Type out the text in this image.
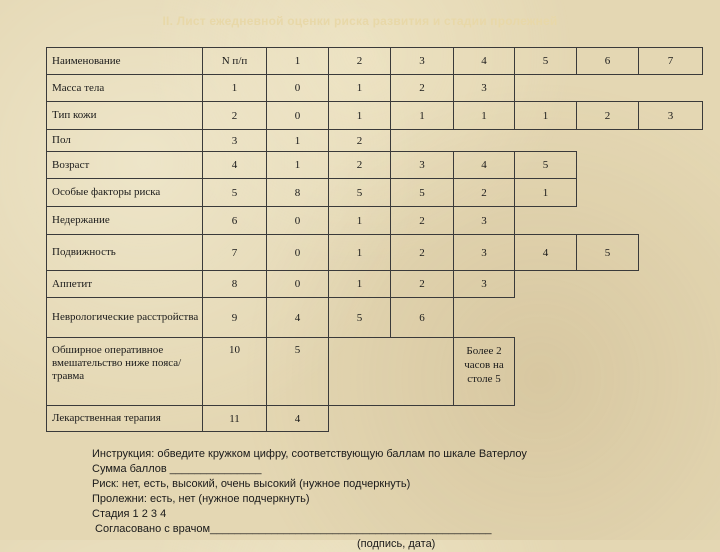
II. Лист ежедневной оценки риска развития и стадии пролежней
Наименование	N п/п	1	2	3	4	5	6	7
Масса тела	1	0	1	2	3			
Тип кожи	2	0	1	1	1	1	2	3
Пол	3	1	2					
Возраст	4	1	2	3	4	5		
Особые факторы риска	5	8	5	5	2	1		
Недержание	6	0	1	2	3			
Подвижность	7	0	1	2	3	4	5	
Аппетит	8	0	1	2	3			
Неврологические расстройства	9	4	5	6				
Обширное оперативное вмешательство ниже пояса/травма	10	5			Более 2 часов на столе 5			
Лекарственная терапия	11	4						
Инструкция: обведите кружком цифру, соответствующую баллам по шкале Ватерлоу
Сумма баллов _______________
Риск: нет, есть, высокий, очень высокий (нужное подчеркнуть)
Пролежни: есть, нет (нужное подчеркнуть)
Стадия 1 2 3 4
Согласовано с врачом______________________________________________
(подпись, дата)
